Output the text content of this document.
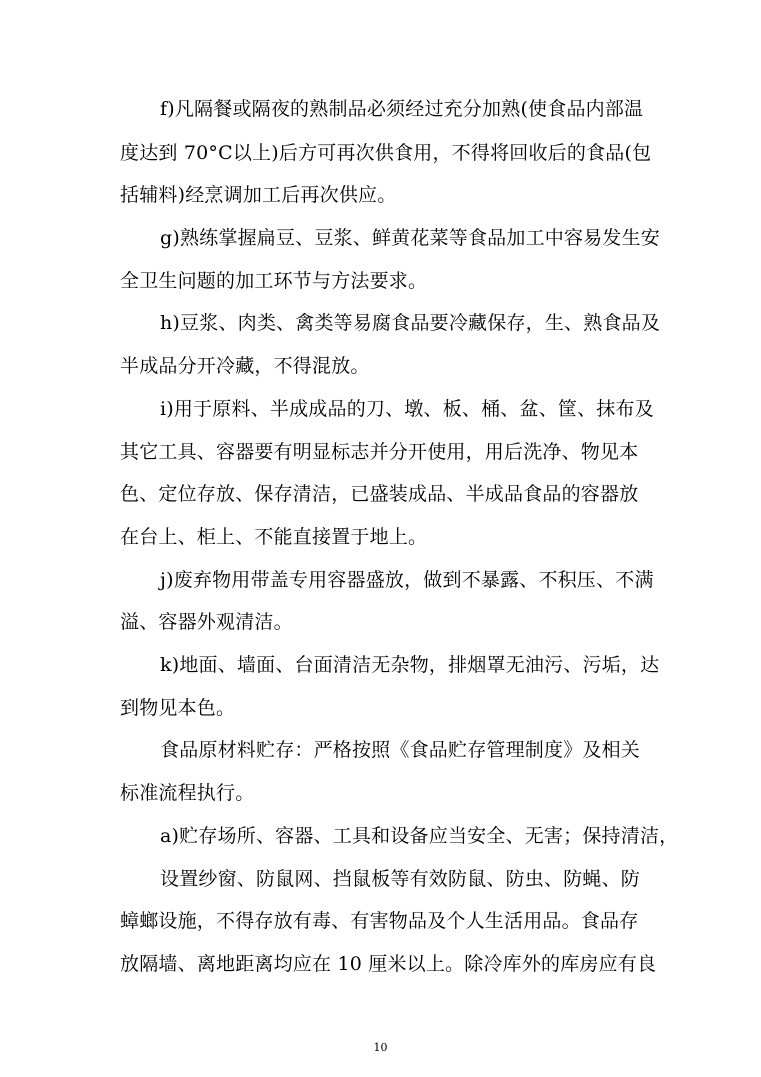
f)凡隔餐或隔夜的熟制品必须经过充分加熟(使食品内部温
度达到 70°C以上)后方可再次供食用，不得将回收后的食品(包
括辅料)经烹调加工后再次供应。
g)熟练掌握扁豆、豆浆、鲜黄花菜等食品加工中容易发生安
全卫生问题的加工环节与方法要求。
h)豆浆、肉类、禽类等易腐食品要冷藏保存，生、熟食品及
半成品分开冷藏，不得混放。
i)用于原料、半成成品的刀、墩、板、桶、盆、筐、抹布及
其它工具、容器要有明显标志并分开使用，用后洗净、物见本
色、定位存放、保存清洁，已盛装成品、半成品食品的容器放
在台上、柜上、不能直接置于地上。
j)废弃物用带盖专用容器盛放，做到不暴露、不积压、不满
溢、容器外观清洁。
k)地面、墙面、台面清洁无杂物，排烟罩无油污、污垢，达
到物见本色。
食品原材料贮存：严格按照《食品贮存管理制度》及相关
标准流程执行。
a)贮存场所、容器、工具和设备应当安全、无害；保持清洁，
设置纱窗、防鼠网、挡鼠板等有效防鼠、防虫、防蝇、防
蟑螂设施，不得存放有毒、有害物品及个人生活用品。食品存
放隔墙、离地距离均应在 10 厘米以上。除冷库外的库房应有良
10
